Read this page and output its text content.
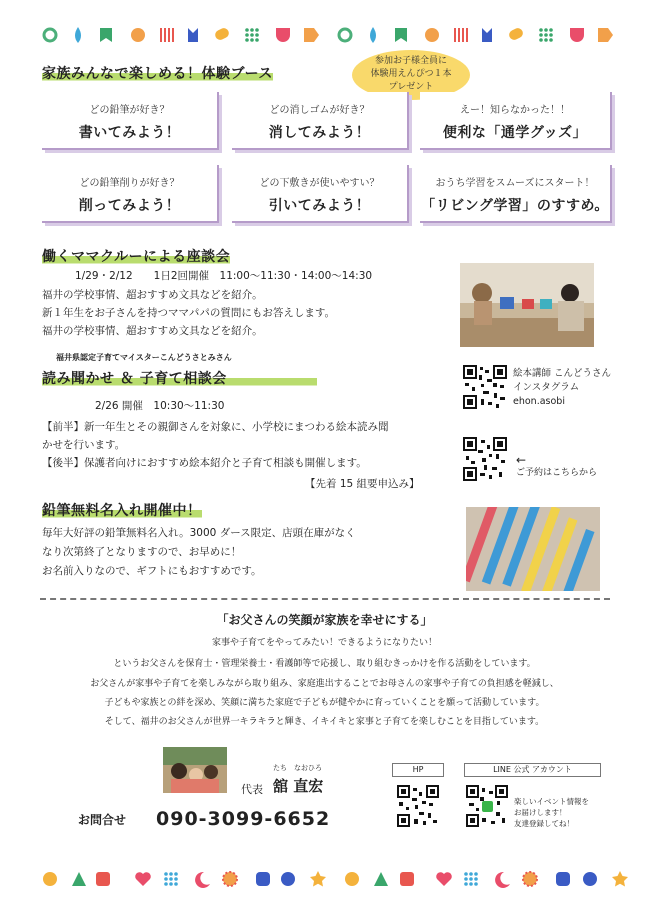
家族みんなで楽しめる！体験ブース
参加お子様全員に
体験用えんぴつ１本
プレゼント
どの鉛筆が好き？
書いてみよう！
どの消しゴムが好き？
消してみよう！
えー！知らなかった！！
便利な「通学グッズ」
どの鉛筆削りが好き？
削ってみよう！
どの下敷きが使いやすい？
引いてみよう！
おうち学習をスムーズにスタート！
「リビング学習」のすすめ。
働くママクルーによる座談会
1/29・2/12　　1日2回開催　11:00～11:30・14:00～14:30
福井の学校事情、超おすすめ文具などを紹介。
新１年生をお子さんを持つママパパの質問にもお答えします。
福井の学校事情、超おすすめ文具などを紹介。
福井県認定子育てマイスターこんどうさとみさん
読み聞かせ ＆ 子育て相談会
2/26 開催　10:30～11:30
【前半】新一年生とその親御さんを対象に、小学校にまつわる絵本読み聞
かせを行います。
【後半】保護者向けにおすすめ絵本紹介と子育て相談も開催します。
【先着 15 組要申込み】
絵本講師 こんどうさん
インスタグラム
ehon.asobi
←
ご予約はこちらから
鉛筆無料名入れ開催中！
毎年大好評の鉛筆無料名入れ。3000 ダース限定、店頭在庫がなく
なり次第終了となりますので、お早めに！
お名前入りなので、ギフトにもおすすめです。
「お父さんの笑顔が家族を幸せにする」
家事や子育てをやってみたい！できるようになりたい！
というお父さんを保育士・管理栄養士・看護師等で応援し、取り組むきっかけを作る活動をしています。
お父さんが家事や子育てを楽しみながら取り組み、家庭進出することでお母さんの家事や子育ての負担感を軽減し、
子どもや家族との絆を深め、笑顔に満ちた家庭で子どもが健やかに育っていくことを願って活動しています。
そして、福井のお父さんが世界一キラキラと輝き、イキイキと家事と子育てを楽しむことを目指しています。
代表
たち　なおひろ
舘 直宏
お問合せ 090-3099-6652
HP	LINE 公式 アカウント
楽しいイベント情報を
お届けします！
友達登録してね！
